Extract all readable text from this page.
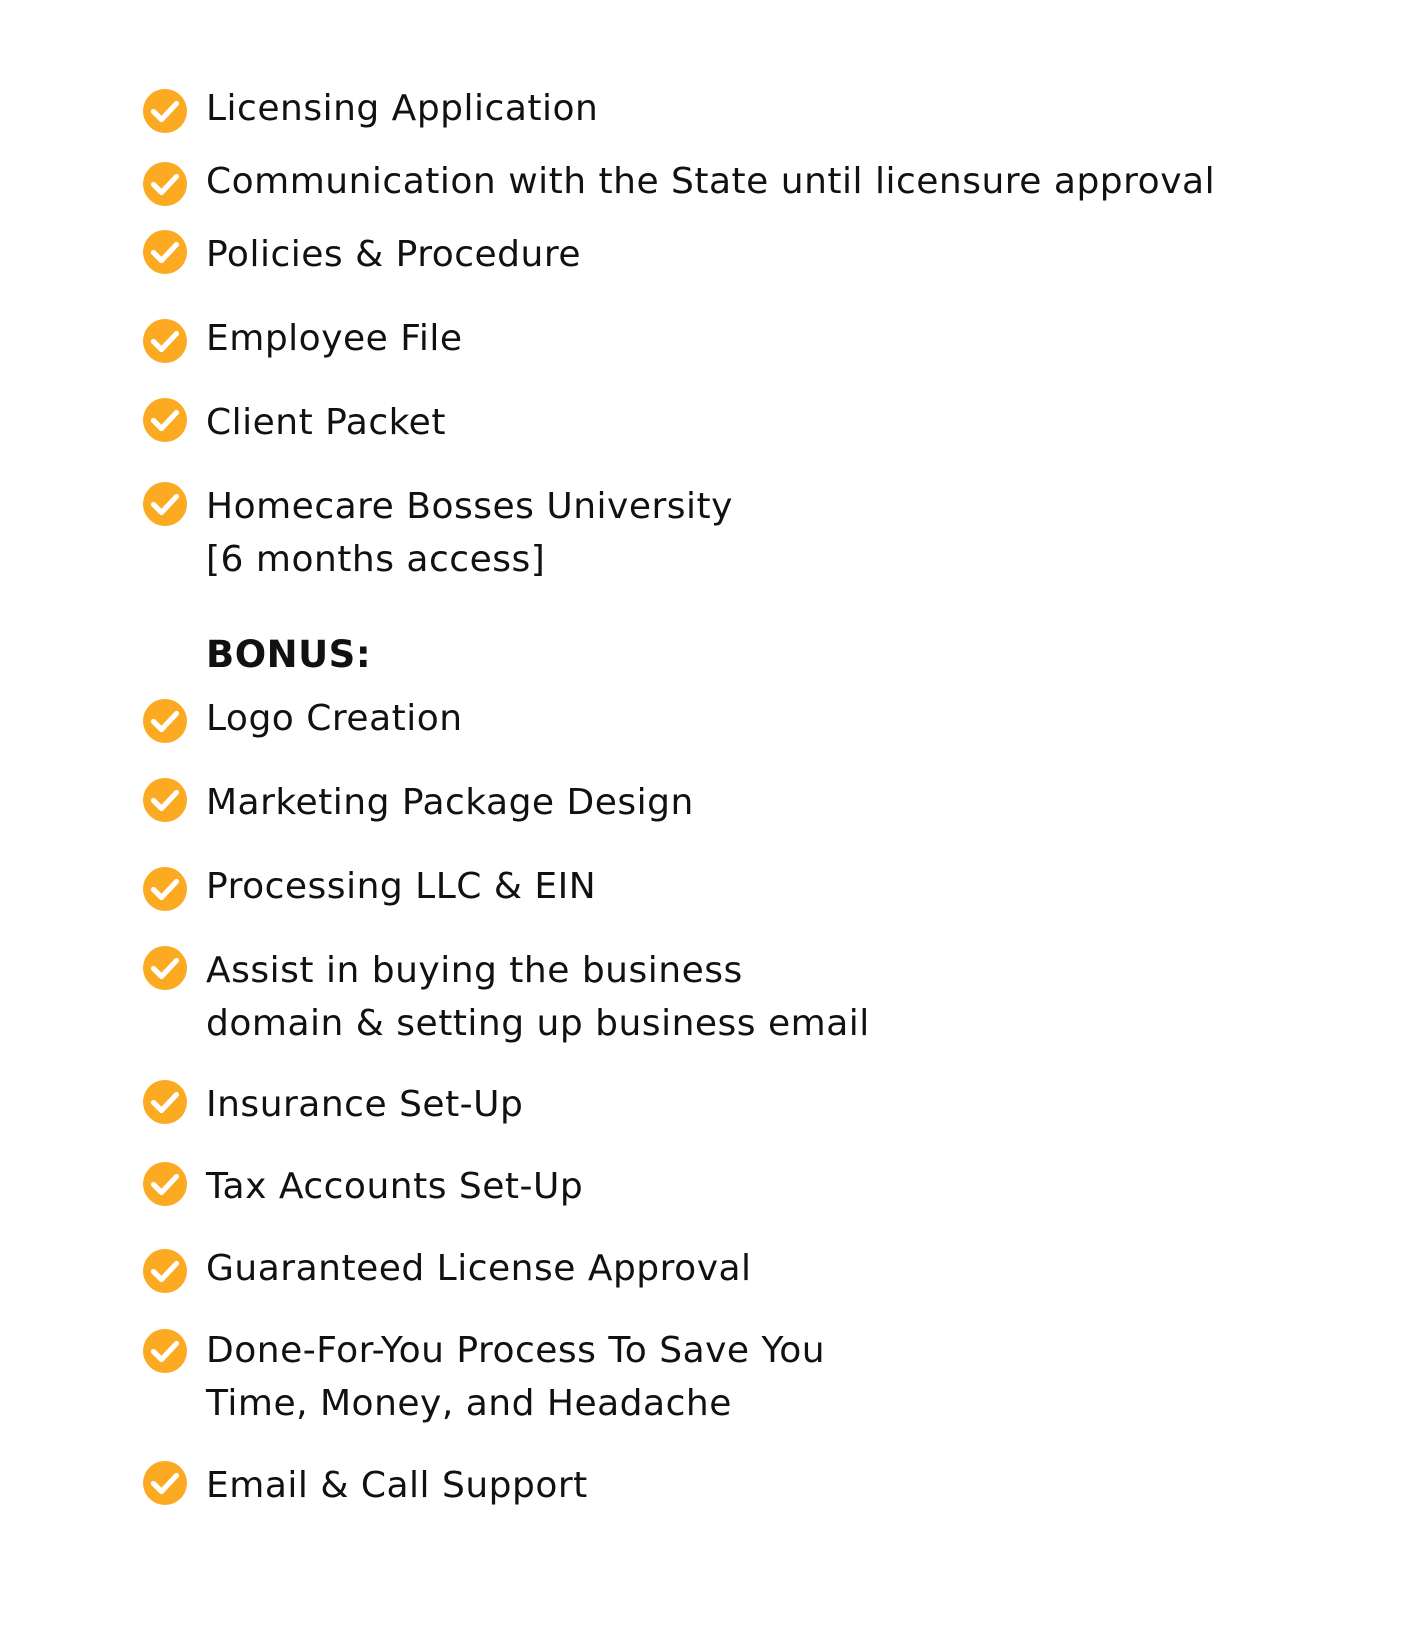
Licensing Application
Communication with the State until licensure approval
Policies & Procedure
Employee File
Client Packet
Homecare Bosses University
[6 months access]
BONUS:
Logo Creation
Marketing Package Design
Processing LLC & EIN
Assist in buying the business
domain & setting up business email
Insurance Set-Up
Tax Accounts Set-Up
Guaranteed License Approval
Done-For-You Process To Save You
Time, Money, and Headache
Email & Call Support
